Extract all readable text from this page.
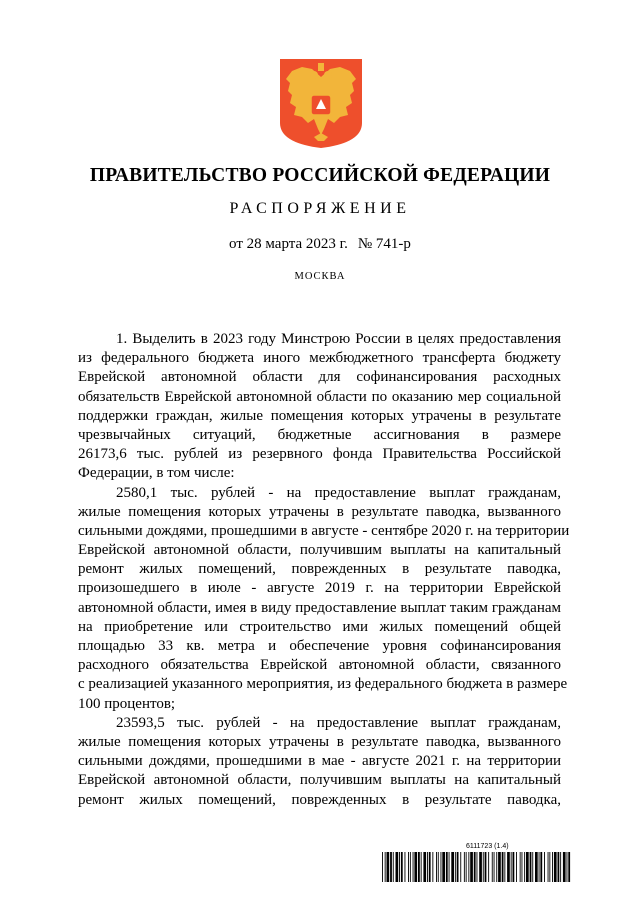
ПРАВИТЕЛЬСТВО РОССИЙСКОЙ ФЕДЕРАЦИИ
РАСПОРЯЖЕНИЕ
от 28 марта 2023 г. № 741-р
МОСКВА
1. Выделить в 2023 году Минстрою России в целях предоставления
из федерального бюджета иного межбюджетного трансферта бюджету
Еврейской автономной области для софинансирования расходных
обязательств Еврейской автономной области по оказанию мер социальной
поддержки граждан, жилые помещения которых утрачены в результате
чрезвычайных ситуаций, бюджетные ассигнования в размере
26173,6 тыс. рублей из резервного фонда Правительства Российской
Федерации, в том числе:
2580,1 тыс. рублей - на предоставление выплат гражданам,
жилые помещения которых утрачены в результате паводка, вызванного
сильными дождями, прошедшими в августе - сентябре 2020 г. на территории
Еврейской автономной области, получившим выплаты на капитальный
ремонт жилых помещений, поврежденных в результате паводка,
произошедшего в июле - августе 2019 г. на территории Еврейской
автономной области, имея в виду предоставление выплат таким гражданам
на приобретение или строительство ими жилых помещений общей
площадью 33 кв. метра и обеспечение уровня софинансирования
расходного обязательства Еврейской автономной области, связанного
с реализацией указанного мероприятия, из федерального бюджета в размере
100 процентов;
23593,5 тыс. рублей - на предоставление выплат гражданам,
жилые помещения которых утрачены в результате паводка, вызванного
сильными дождями, прошедшими в мае - августе 2021 г. на территории
Еврейской автономной области, получившим выплаты на капитальный
ремонт жилых помещений, поврежденных в результате паводка,
6111723 (1.4)
